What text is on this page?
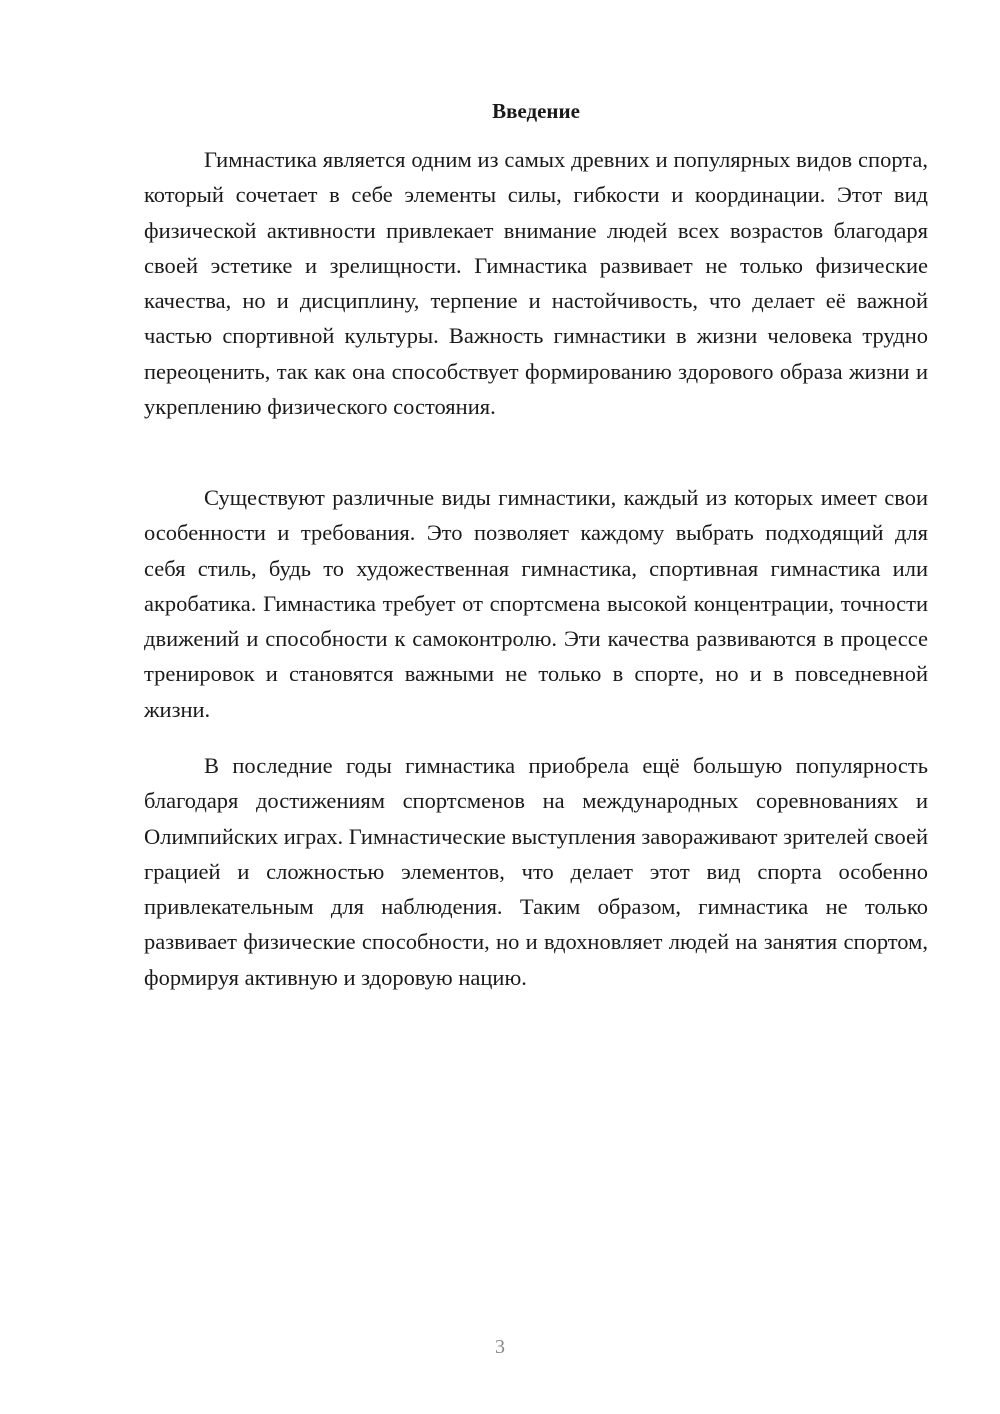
Введение

Гимнастика является одним из самых древних и популярных видов спорта, который сочетает в себе элементы силы, гибкости и координации. Этот вид физической активности привлекает внимание людей всех возрастов благодаря своей эстетике и зрелищности. Гимнастика развивает не только физические качества, но и дисциплину, терпение и настойчивость, что делает её важной частью спортивной культуры. Важность гимнастики в жизни человека трудно переоценить, так как она способствует формированию здорового образа жизни и укреплению физического состояния.

Существуют различные виды гимнастики, каждый из которых имеет свои особенности и требования. Это позволяет каждому выбрать подходящий для себя стиль, будь то художественная гимнастика, спортивная гимнастика или акробатика. Гимнастика требует от спортсмена высокой концентрации, точности движений и способности к самоконтролю. Эти качества развиваются в процессе тренировок и становятся важными не только в спорте, но и в повседневной жизни.

В последние годы гимнастика приобрела ещё большую популярность благодаря достижениям спортсменов на международных соревнованиях и Олимпийских играх. Гимнастические выступления завораживают зрителей своей грацией и сложностью элементов, что делает этот вид спорта особенно привлекательным для наблюдения. Таким образом, гимнастика не только развивает физические способности, но и вдохновляет людей на занятия спортом, формируя активную и здоровую нацию.

3
